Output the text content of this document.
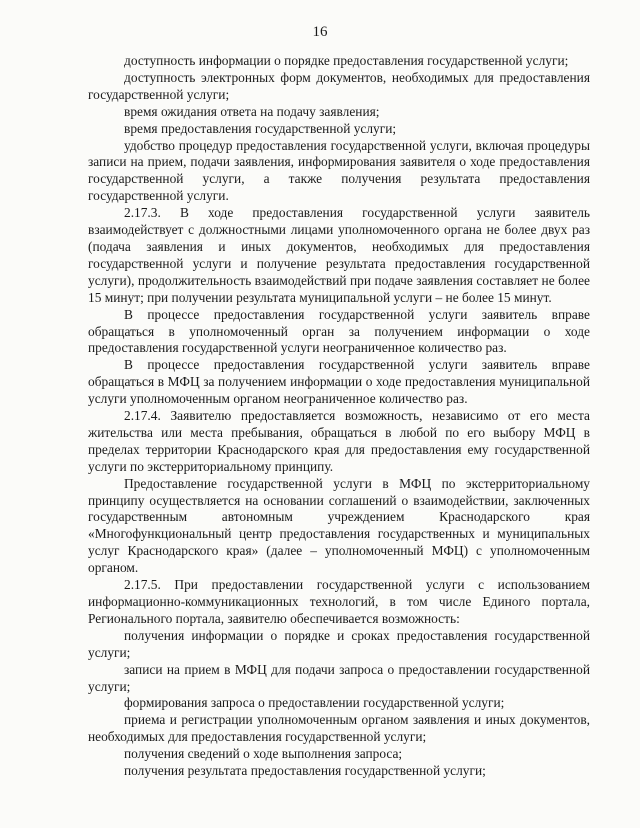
16

доступность информации о порядке предоставления государственной услуги;

доступность электронных форм документов, необходимых для предоставления государственной услуги;

время ожидания ответа на подачу заявления;

время предоставления государственной услуги;

удобство процедур предоставления государственной услуги, включая процедуры записи на прием, подачи заявления, информирования заявителя о ходе предоставления государственной услуги, а также получения результата предоставления государственной услуги.

2.17.3. В ходе предоставления государственной услуги заявитель взаимодействует с должностными лицами уполномоченного органа не более двух раз (подача заявления и иных документов, необходимых для предоставления государственной услуги и получение результата предоставления государственной услуги), продолжительность взаимодействий при подаче заявления составляет не более 15 минут; при получении результата муниципальной услуги – не более 15 минут.

В процессе предоставления государственной услуги заявитель вправе обращаться в уполномоченный орган за получением информации о ходе предоставления государственной услуги неограниченное количество раз.

В процессе предоставления государственной услуги заявитель вправе обращаться в МФЦ за получением информации о ходе предоставления муниципальной услуги уполномоченным органом неограниченное количество раз.

2.17.4. Заявителю предоставляется возможность, независимо от его места жительства или места пребывания, обращаться в любой по его выбору МФЦ в пределах территории Краснодарского края для предоставления ему государственной услуги по экстерриториальному принципу.

Предоставление государственной услуги в МФЦ по экстерриториальному принципу осуществляется на основании соглашений о взаимодействии, заключенных государственным автономным учреждением Краснодарского края «Многофункциональный центр предоставления государственных и муниципальных услуг Краснодарского края» (далее – уполномоченный МФЦ) с уполномоченным органом.

2.17.5. При предоставлении государственной услуги с использованием информационно-коммуникационных технологий, в том числе Единого портала, Регионального портала, заявителю обеспечивается возможность:

получения информации о порядке и сроках предоставления государственной услуги;

записи на прием в МФЦ для подачи запроса о предоставлении государственной услуги;

формирования запроса о предоставлении государственной услуги;

приема и регистрации уполномоченным органом заявления и иных документов, необходимых для предоставления государственной услуги;

получения сведений о ходе выполнения запроса;

получения результата предоставления государственной услуги;
